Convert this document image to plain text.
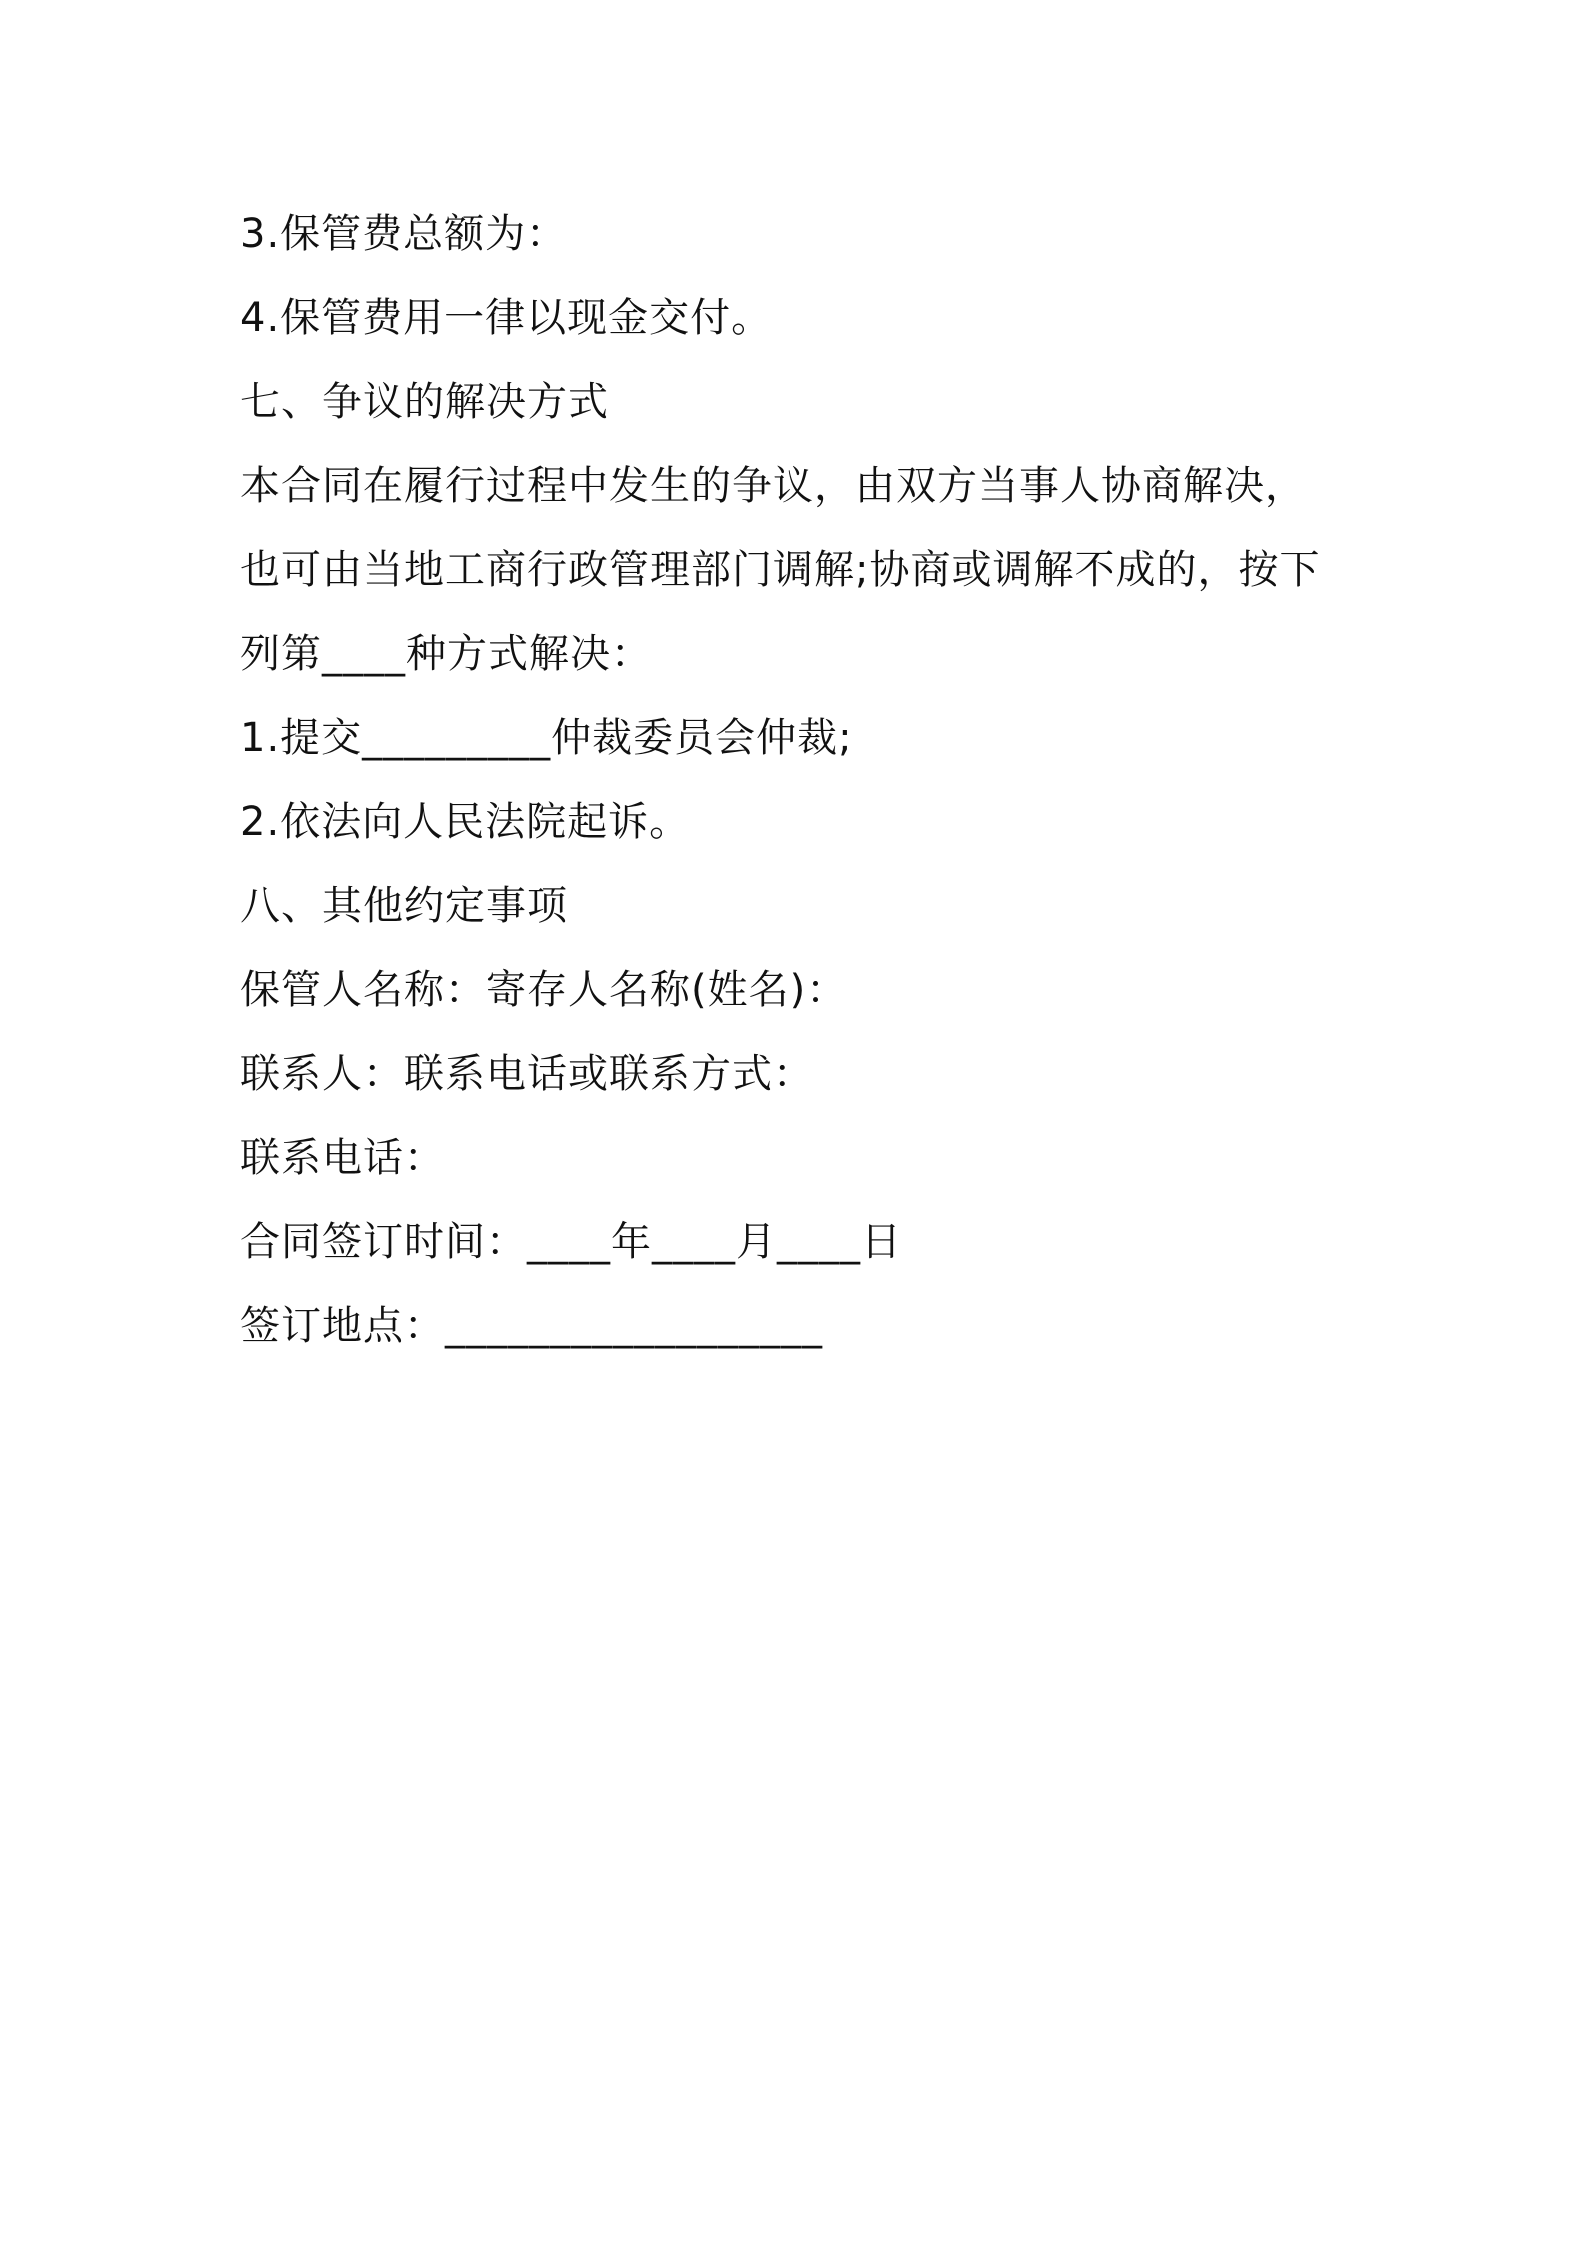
3.保管费总额为：
4.保管费用一律以现金交付。
七、争议的解决方式
本合同在履行过程中发生的争议，由双方当事人协商解决，
也可由当地工商行政管理部门调解;协商或调解不成的，按下
列第____种方式解决：
1.提交_________仲裁委员会仲裁;
2.依法向人民法院起诉。
八、其他约定事项
保管人名称：寄存人名称(姓名)：
联系人：联系电话或联系方式：
联系电话：
合同签订时间：____年____月____日
签订地点：__________________
